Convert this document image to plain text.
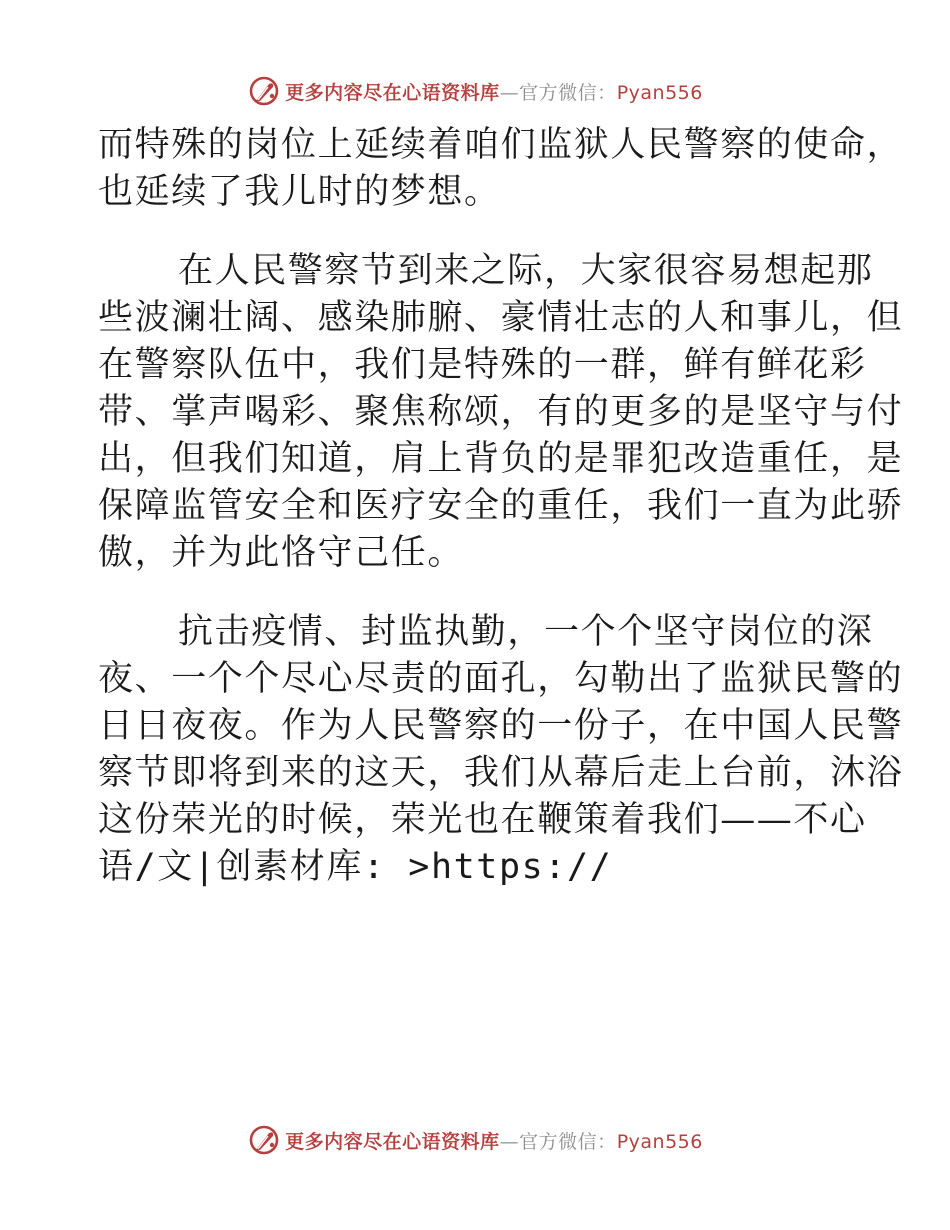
更多内容尽在心语资料库—官方微信：Pyan556

而特殊的岗位上延续着咱们监狱人民警察的使命，
也延续了我儿时的梦想。

在人民警察节到来之际，大家很容易想起那
些波澜壮阔、感染肺腑、豪情壮志的人和事儿，但
在警察队伍中，我们是特殊的一群，鲜有鲜花彩
带、掌声喝彩、聚焦称颂，有的更多的是坚守与付
出，但我们知道，肩上背负的是罪犯改造重任，是
保障监管安全和医疗安全的重任，我们一直为此骄
傲，并为此恪守己任。

抗击疫情、封监执勤，一个个坚守岗位的深
夜、一个个尽心尽责的面孔，勾勒出了监狱民警的
日日夜夜。作为人民警察的一份子，在中国人民警
察节即将到来的这天，我们从幕后走上台前，沐浴
这份荣光的时候，荣光也在鞭策着我们——不心
语/文|创素材库: >https://

更多内容尽在心语资料库—官方微信：Pyan556
